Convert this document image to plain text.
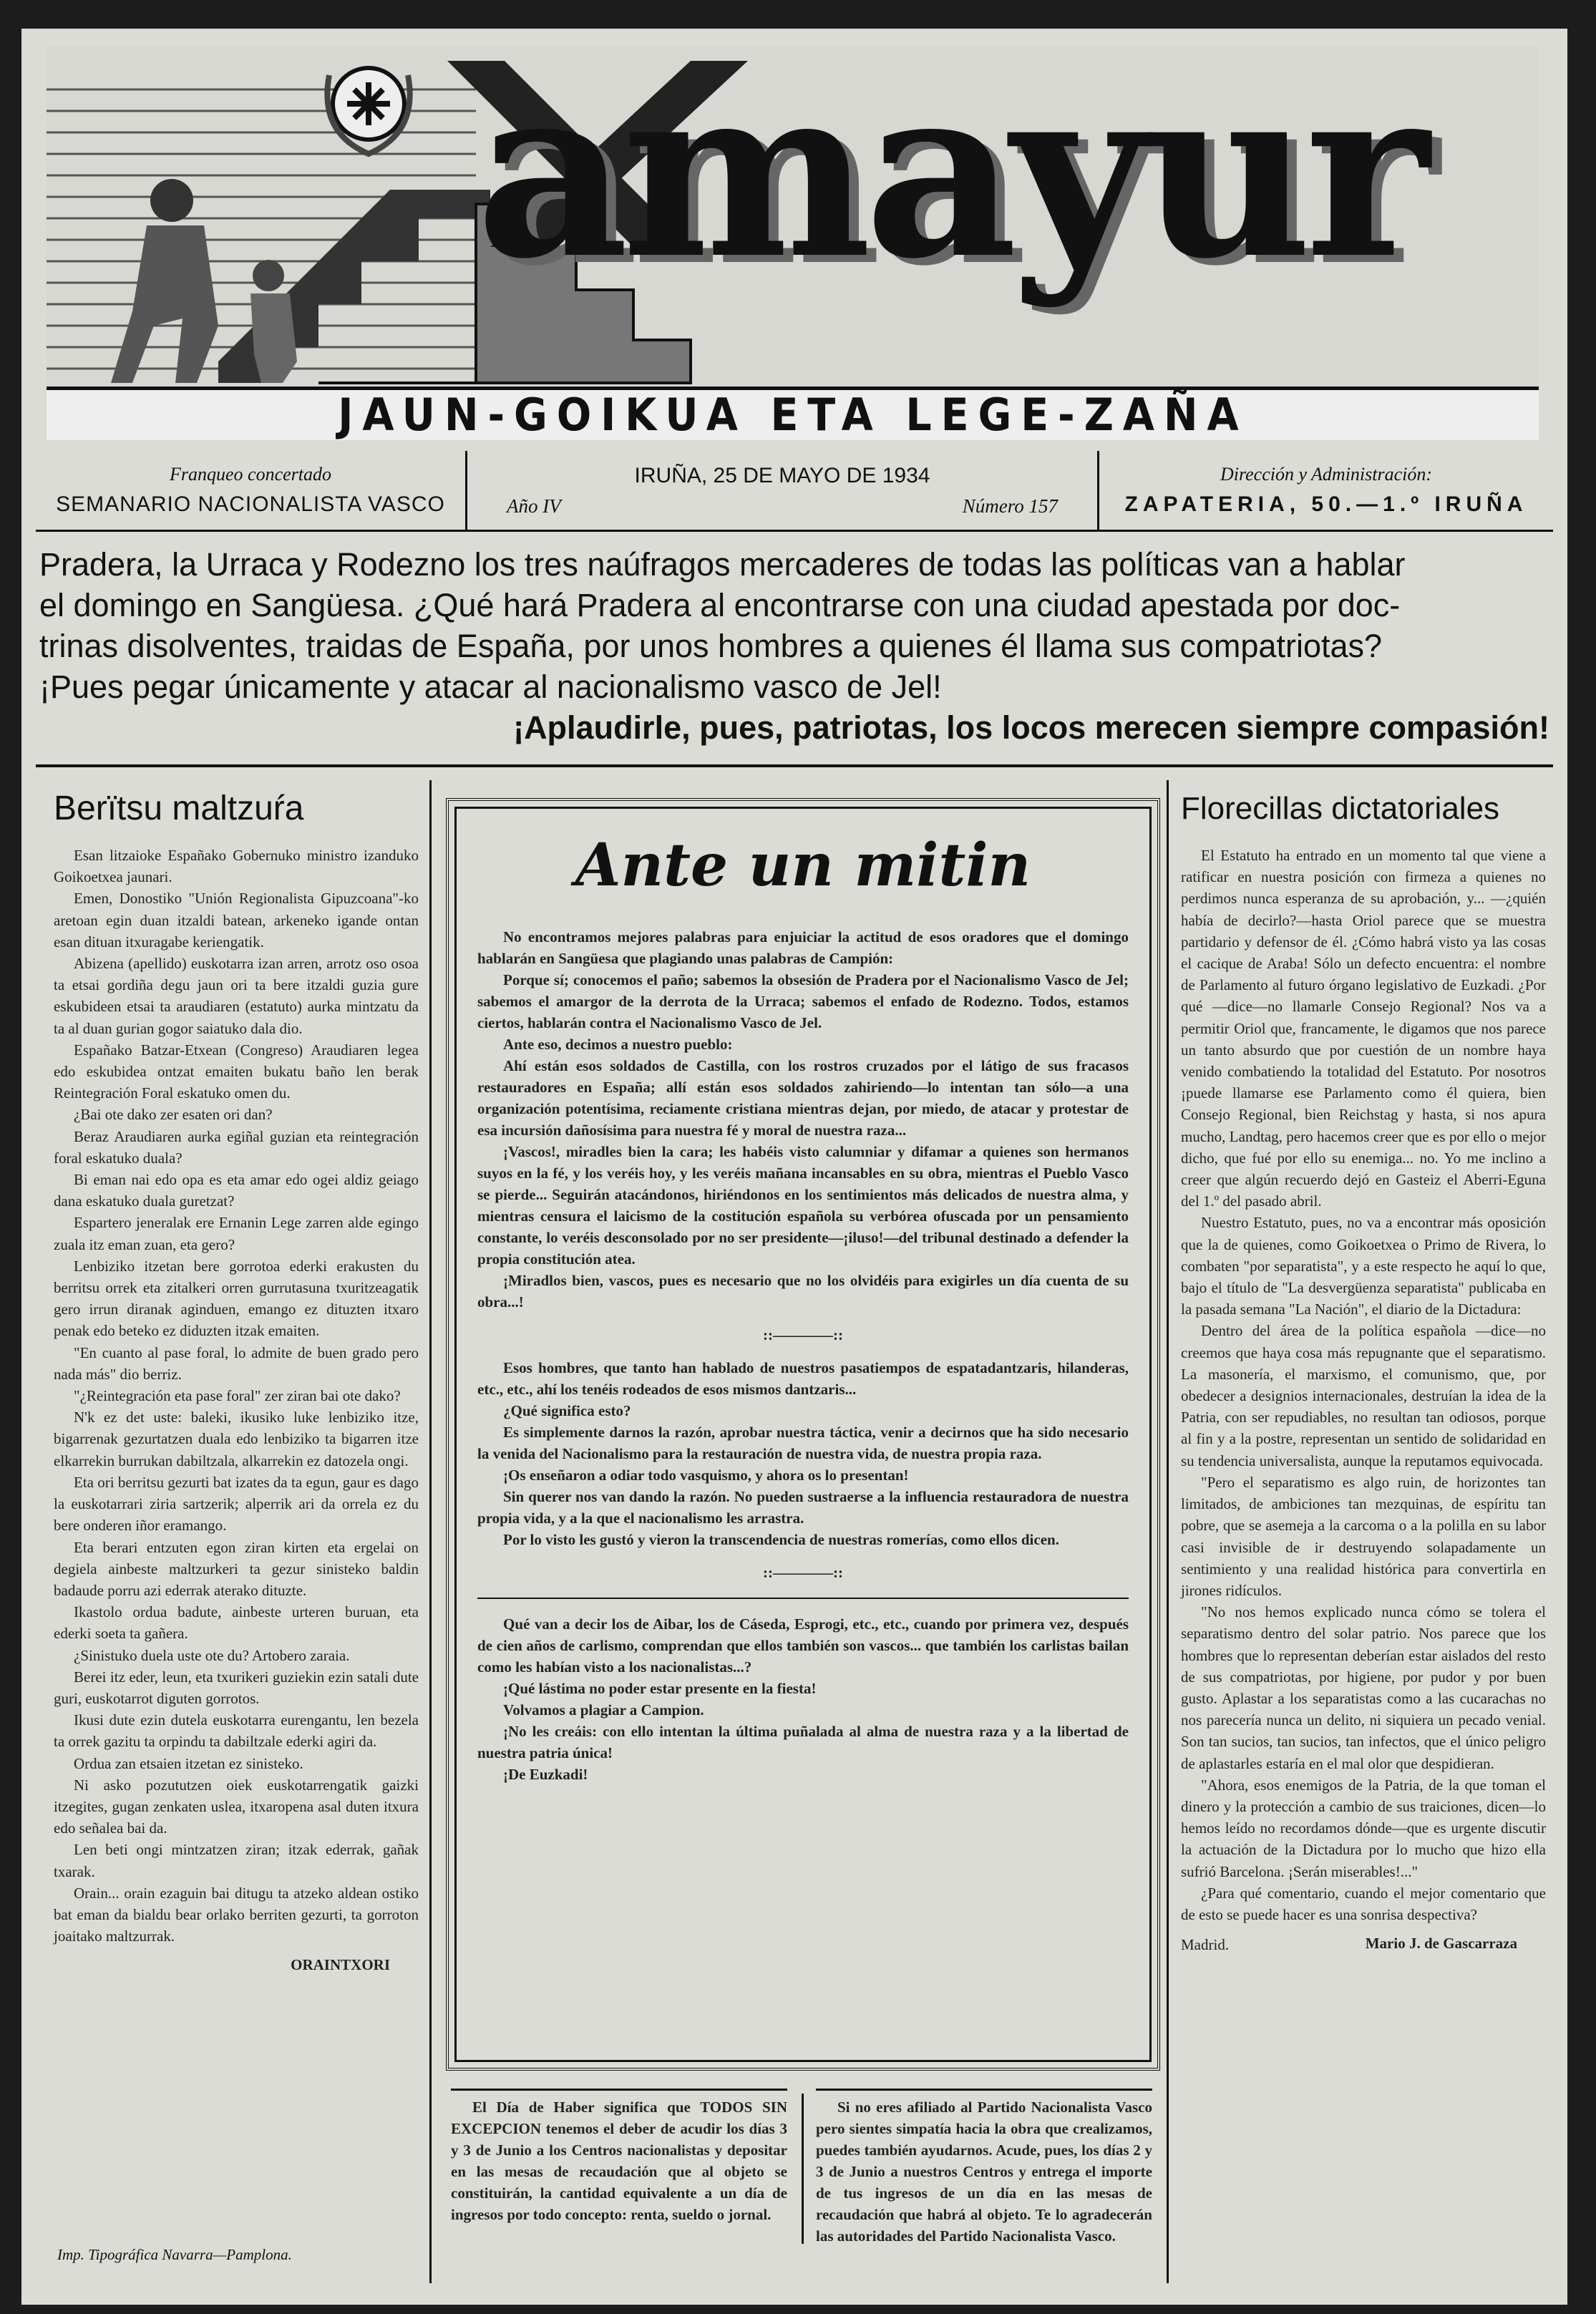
amayur
JAUN-GOIKUA ETA LEGE-ZAÑA
Franqueo concertado
SEMANARIO NACIONALISTA VASCO
IRUÑA, 25 DE MAYO DE 1934
Año IV	Número 157
Dirección y Administración:
ZAPATERIA, 50.—1.º IRUÑA
Pradera, la Urraca y Rodezno los tres naúfragos mercaderes de todas las políticas van a hablar
el domingo en Sangüesa. ¿Qué hará Pradera al encontrarse con una ciudad apestada por doc-
trinas disolventes, traidas de España, por unos hombres a quienes él llama sus compatriotas?
¡Pues pegar únicamente y atacar al nacionalismo vasco de Jel!
¡Aplaudirle, pues, patriotas, los locos merecen siempre compasión!
Berïtsu maltzuŕa

Esan litzaioke Españako Gobernuko ministro izanduko Goikoetxea jaunari.

Emen, Donostiko "Unión Regionalista Gipuzcoana"-ko aretoan egin duan itzaldi batean, arkeneko igande ontan esan dituan itxuragabe keriengatik.

Abizena (apellido) euskotarra izan arren, arrotz oso osoa ta etsai gordiña degu jaun ori ta bere itzaldi guzia gure eskubideen etsai ta araudiaren (estatuto) aurka mintzatu da ta al duan gurian gogor saiatuko dala dio.

Españako Batzar-Etxean (Congreso) Araudiaren legea edo eskubidea ontzat emaiten bukatu baño len berak Reintegración Foral eskatuko omen du.

¿Bai ote dako zer esaten ori dan?

Beraz Araudiaren aurka egiñal guzian eta reintegración foral eskatuko duala?

Bi eman nai edo opa es eta amar edo ogei aldiz geiago dana eskatuko duala guretzat?

Espartero jeneralak ere Ernanin Lege zarren alde egingo zuala itz eman zuan, eta gero?

Lenbiziko itzetan bere gorrotoa ederki erakusten du berritsu orrek eta zitalkeri orren gurrutasuna txuritzeagatik gero irrun diranak aginduen, emango ez dituzten itxaro penak edo beteko ez diduzten itzak emaiten.

"En cuanto al pase foral, lo admite de buen grado pero nada más" dio berriz.

"¿Reintegración eta pase foral" zer ziran bai ote dako?

N'k ez det uste: baleki, ikusiko luke lenbiziko itze, bigarrenak gezurtatzen duala edo lenbiziko ta bigarren itze elkarrekin burrukan dabiltzala, alkarrekin ez datozela ongi.

Eta ori berritsu gezurti bat izates da ta egun, gaur es dago la euskotarrari ziria sartzerik; alperrik ari da orrela ez du bere onderen iñor eramango.

Eta berari entzuten egon ziran kirten eta ergelai on degiela ainbeste maltzurkeri ta gezur sinisteko baldin badaude porru azi ederrak aterako dituzte.

Ikastolo ordua badute, ainbeste urteren buruan, eta ederki soeta ta gañera.

¿Sinistuko duela uste ote du? Artobero zaraia.

Berei itz eder, leun, eta txurikeri guziekin ezin satali dute guri, euskotarrot diguten gorrotos.

Ikusi dute ezin dutela euskotarra eurengantu, len bezela ta orrek gazitu ta orpindu ta dabiltzale ederki agiri da.

Ordua zan etsaien itzetan ez sinisteko.

Ni asko pozututzen oiek euskotarrengatik gaizki itzegites, gugan zenkaten uslea, itxaropena asal duten itxura edo señalea bai da.

Len beti ongi mintzatzen ziran; itzak ederrak, gañak txarak.

Orain... orain ezaguin bai ditugu ta atzeko aldean ostiko bat eman da bialdu bear orlako berriten gezurti, ta gorroton joaitako maltzurrak.

ORAINTXORI

Imp. Tipográfica Navarra—Pamplona.
Ante un mitin

No encontramos mejores palabras para enjuiciar la actitud de esos oradores que el domingo hablarán en Sangüesa que plagiando unas palabras de Campión:

Porque sí; conocemos el paño; sabemos la obsesión de Pradera por el Nacionalismo Vasco de Jel; sabemos el amargor de la derrota de la Urraca; sabemos el enfado de Rodezno. Todos, estamos ciertos, hablarán contra el Nacionalismo Vasco de Jel.

Ante eso, decimos a nuestro pueblo:

Ahí están esos soldados de Castilla, con los rostros cruzados por el látigo de sus fracasos restauradores en España; allí están esos soldados zahiriendo—lo intentan tan sólo—a una organización potentísima, reciamente cristiana mientras dejan, por miedo, de atacar y protestar de esa incursión dañosísima para nuestra fé y moral de nuestra raza...

¡Vascos!, miradles bien la cara; les habéis visto calumniar y difamar a quienes son hermanos suyos en la fé, y los veréis hoy, y les veréis mañana incansables en su obra, mientras el Pueblo Vasco se pierde... Seguirán atacándonos, hiriéndonos en los sentimientos más delicados de nuestra alma, y mientras censura el laicismo de la costitución española su verbórea ofuscada por un pensamiento constante, lo veréis desconsolado por no ser presidente—¡iluso!—del tribunal destinado a defender la propia constitución atea.

¡Miradlos bien, vascos, pues es necesario que no los olvidéis para exigirles un día cuenta de su obra...!

::————::

Esos hombres, que tanto han hablado de nuestros pasatiempos de espatadantzaris, hilanderas, etc., etc., ahí los tenéis rodeados de esos mismos dantzaris...

¿Qué significa esto?

Es simplemente darnos la razón, aprobar nuestra táctica, venir a decirnos que ha sido necesario la venida del Nacionalismo para la restauración de nuestra vida, de nuestra propia raza.

¡Os enseñaron a odiar todo vasquismo, y ahora os lo presentan!

Sin querer nos van dando la razón. No pueden sustraerse a la influencia restauradora de nuestra propia vida, y a la que el nacionalismo les arrastra.

Por lo visto les gustó y vieron la transcendencia de nuestras romerías, como ellos dicen.

::————::

Qué van a decir los de Aibar, los de Cáseda, Esprogi, etc., etc., cuando por primera vez, después de cien años de carlismo, comprendan que ellos también son vascos... que también los carlistas bailan como les habían visto a los nacionalistas...?

¡Qué lástima no poder estar presente en la fiesta!

Volvamos a plagiar a Campion.

¡No les creáis: con ello intentan la última puñalada al alma de nuestra raza y a la libertad de nuestra patria única!

¡De Euzkadi!

El Día de Haber significa que TODOS SIN EXCEPCION tenemos el deber de acudir los días 3 y 3 de Junio a los Centros nacionalistas y depositar en las mesas de recaudación que al objeto se constituirán, la cantidad equivalente a un día de ingresos por todo concepto: renta, sueldo o jornal.

Si no eres afiliado al Partido Nacionalista Vasco pero sientes simpatía hacia la obra que crealizamos, puedes también ayudarnos. Acude, pues, los días 2 y 3 de Junio a nuestros Centros y entrega el importe de tus ingresos de un día en las mesas de recaudación que habrá al objeto. Te lo agradecerán las autoridades del Partido Nacionalista Vasco.

Florecillas dictatoriales

El Estatuto ha entrado en un momento tal que viene a ratificar en nuestra posición con firmeza a quienes no perdimos nunca esperanza de su aprobación, y... —¿quién había de decirlo?—hasta Oriol parece que se muestra partidario y defensor de él. ¿Cómo habrá visto ya las cosas el cacique de Araba! Sólo un defecto encuentra: el nombre de Parlamento al futuro órgano legislativo de Euzkadi. ¿Por qué —dice—no llamarle Consejo Regional? Nos va a permitir Oriol que, francamente, le digamos que nos parece un tanto absurdo que por cuestión de un nombre haya venido combatiendo la totalidad del Estatuto. Por nosotros ¡puede llamarse ese Parlamento como él quiera, bien Consejo Regional, bien Reichstag y hasta, si nos apura mucho, Landtag, pero hacemos creer que es por ello o mejor dicho, que fué por ello su enemiga... no. Yo me inclino a creer que algún recuerdo dejó en Gasteiz el Aberri-Eguna del 1.º del pasado abril.

Nuestro Estatuto, pues, no va a encontrar más oposición que la de quienes, como Goikoetxea o Primo de Rivera, lo combaten "por separatista", y a este respecto he aquí lo que, bajo el título de "La desvergüenza separatista" publicaba en la pasada semana "La Nación", el diario de la Dictadura:

Dentro del área de la política española —dice—no creemos que haya cosa más repugnante que el separatismo. La masonería, el marxismo, el comunismo, que, por obedecer a designios internacionales, destruían la idea de la Patria, con ser repudiables, no resultan tan odiosos, porque al fin y a la postre, representan un sentido de solidaridad en su tendencia universalista, aunque la reputamos equivocada.

"Pero el separatismo es algo ruin, de horizontes tan limitados, de ambiciones tan mezquinas, de espíritu tan pobre, que se asemeja a la carcoma o a la polilla en su labor casi invisible de ir destruyendo solapadamente un sentimiento y una realidad histórica para convertirla en jirones ridículos.

"No nos hemos explicado nunca cómo se tolera el separatismo dentro del solar patrio. Nos parece que los hombres que lo representan deberían estar aislados del resto de sus compatriotas, por higiene, por pudor y por buen gusto. Aplastar a los separatistas como a las cucarachas no nos parecería nunca un delito, ni siquiera un pecado venial. Son tan sucios, tan sucios, tan infectos, que el único peligro de aplastarles estaría en el mal olor que despidieran.

"Ahora, esos enemigos de la Patria, de la que toman el dinero y la protección a cambio de sus traiciones, dicen—lo hemos leído no recordamos dónde—que es urgente discutir la actuación de la Dictadura por lo mucho que hizo ella sufrió Barcelona. ¡Serán miserables!..."

¿Para qué comentario, cuando el mejor comentario que de esto se puede hacer es una sonrisa despectiva?

Mario J. de Gascarraza

Madrid.
